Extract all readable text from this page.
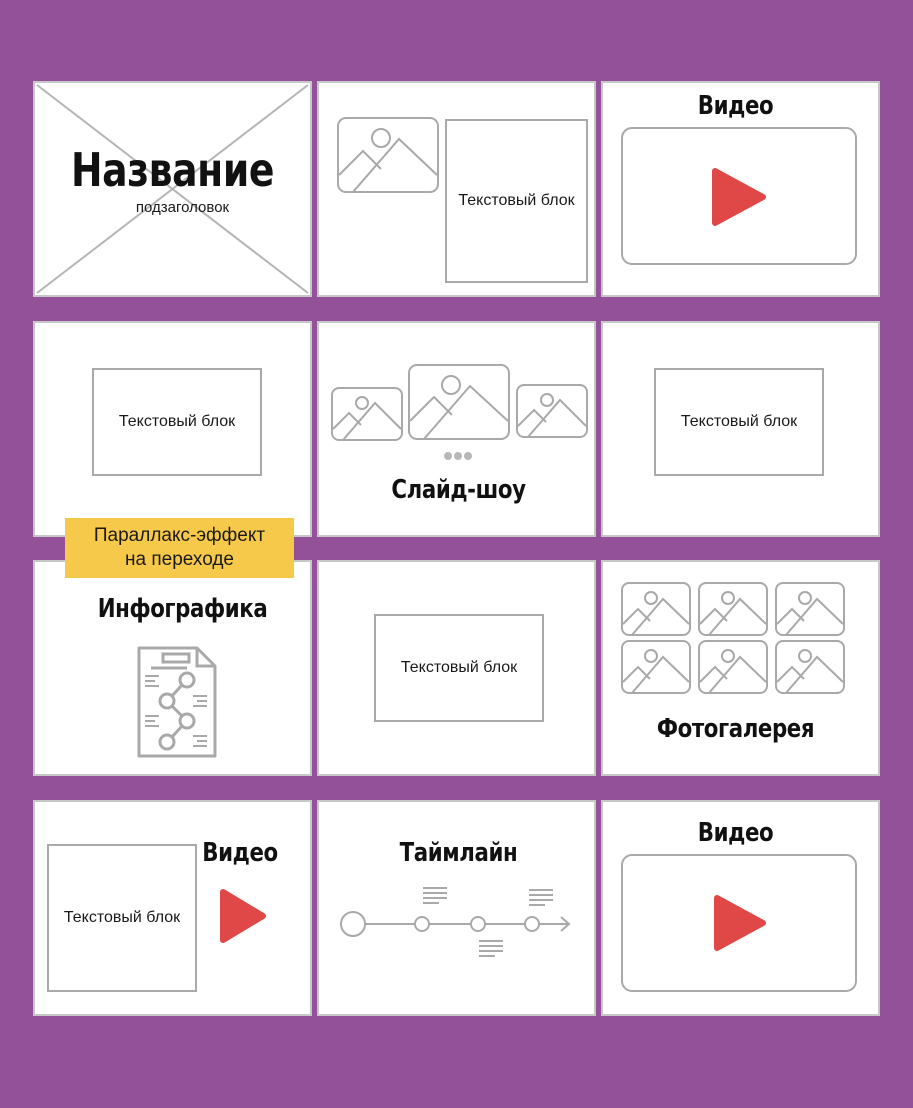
Название
подзаголовок	Текстовый блок
Видео
Текстовый блок
Слайд-шоу
Текстовый блок
Инфографика
Текстовый блок
Фотогалерея
Текстовый блок
Видео	Таймлайн
Видео
Параллакс-эффект
на переходе
